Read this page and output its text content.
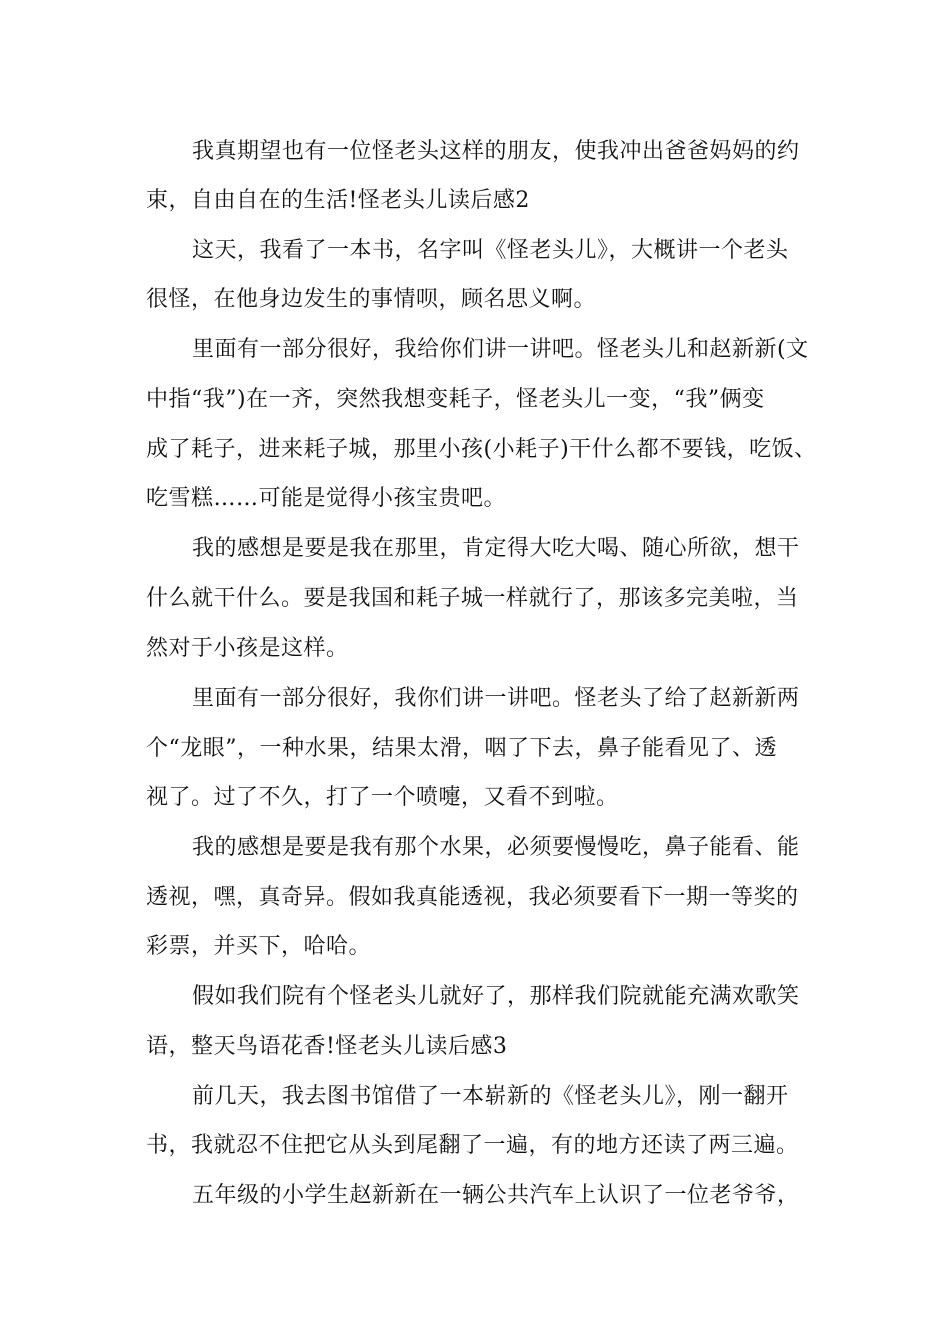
我真期望也有一位怪老头这样的朋友，使我冲出爸爸妈妈的约
束，自由自在的生活!怪老头儿读后感2
这天，我看了一本书，名字叫《怪老头儿》，大概讲一个老头
很怪，在他身边发生的事情呗，顾名思义啊。
里面有一部分很好，我给你们讲一讲吧。怪老头儿和赵新新(文
中指“我”)在一齐，突然我想变耗子，怪老头儿一变，“我”俩变
成了耗子，进来耗子城，那里小孩(小耗子)干什么都不要钱，吃饭、
吃雪糕……可能是觉得小孩宝贵吧。
我的感想是要是我在那里，肯定得大吃大喝、随心所欲，想干
什么就干什么。要是我国和耗子城一样就行了，那该多完美啦，当
然对于小孩是这样。
里面有一部分很好，我你们讲一讲吧。怪老头了给了赵新新两
个“龙眼”，一种水果，结果太滑，咽了下去，鼻子能看见了、透
视了。过了不久，打了一个喷嚏，又看不到啦。
我的感想是要是我有那个水果，必须要慢慢吃，鼻子能看、能
透视，嘿，真奇异。假如我真能透视，我必须要看下一期一等奖的
彩票，并买下，哈哈。
假如我们院有个怪老头儿就好了，那样我们院就能充满欢歌笑
语，整天鸟语花香!怪老头儿读后感3
前几天，我去图书馆借了一本崭新的《怪老头儿》，刚一翻开
书，我就忍不住把它从头到尾翻了一遍，有的地方还读了两三遍。
五年级的小学生赵新新在一辆公共汽车上认识了一位老爷爷，
